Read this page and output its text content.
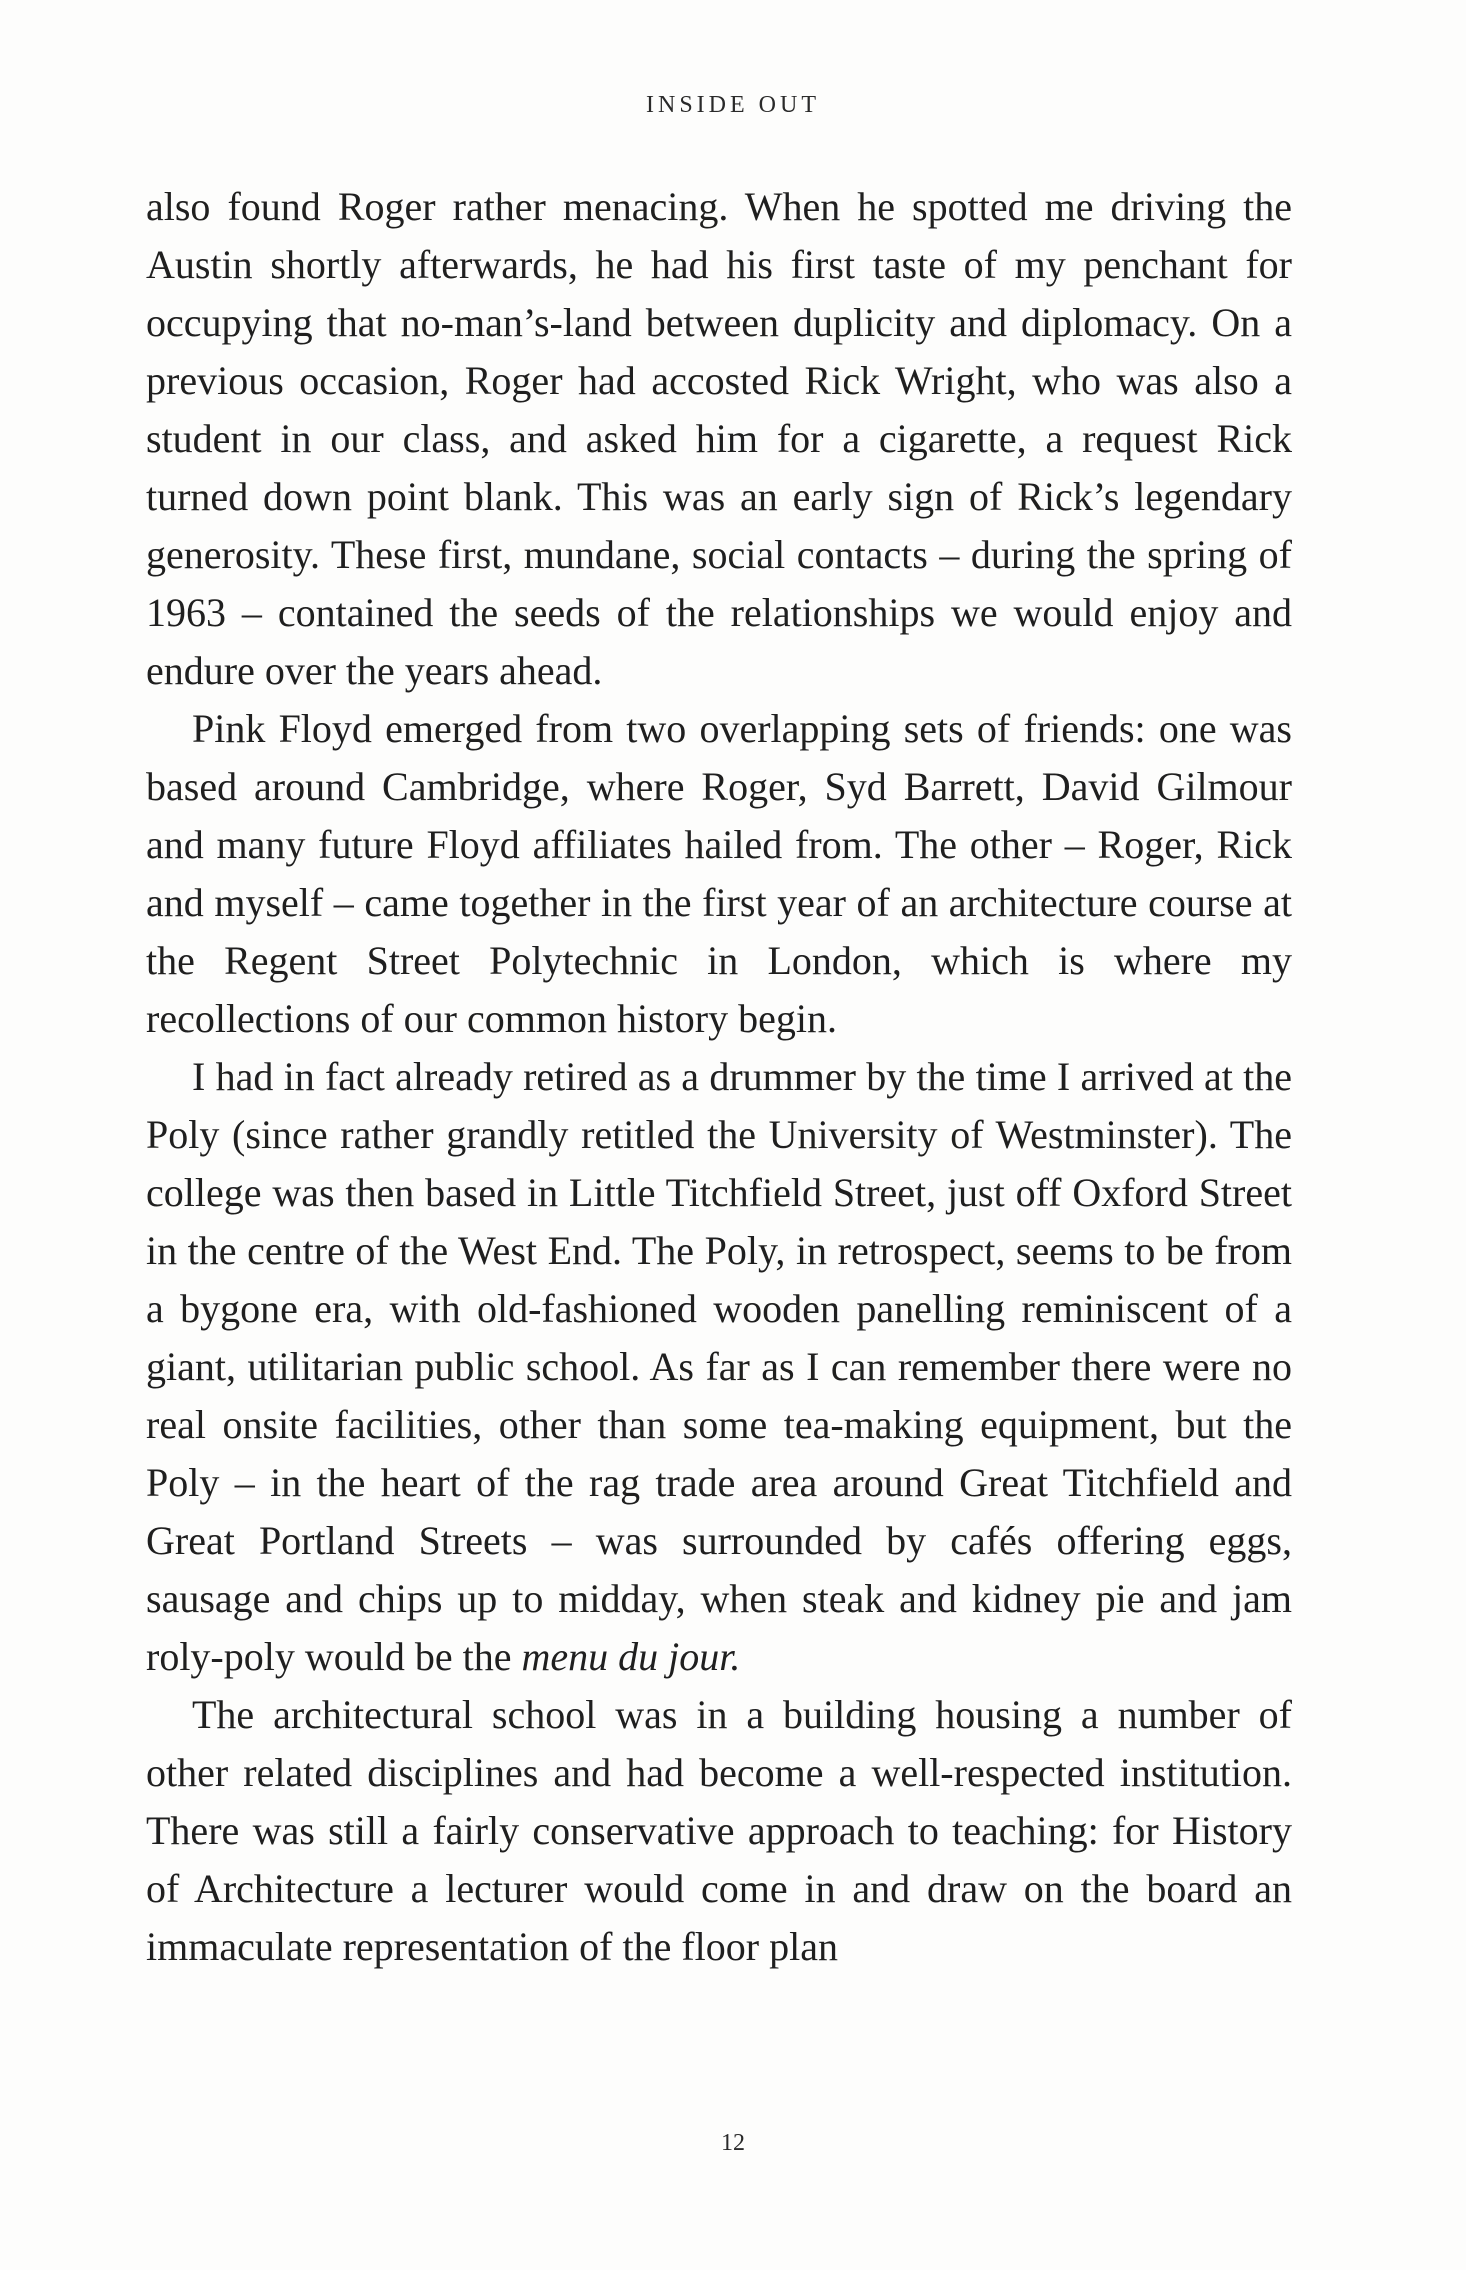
INSIDE OUT

also found Roger rather menacing. When he spotted me driving the Austin shortly afterwards, he had his first taste of my penchant for occupying that no-man’s-land between duplicity and diplomacy. On a previous occasion, Roger had accosted Rick Wright, who was also a student in our class, and asked him for a cigarette, a request Rick turned down point blank. This was an early sign of Rick’s legendary generosity. These first, mundane, social contacts – during the spring of 1963 – contained the seeds of the relationships we would enjoy and endure over the years ahead.

Pink Floyd emerged from two overlapping sets of friends: one was based around Cambridge, where Roger, Syd Barrett, David Gilmour and many future Floyd affiliates hailed from. The other – Roger, Rick and myself – came together in the first year of an architecture course at the Regent Street Polytechnic in London, which is where my recollections of our common history begin.

I had in fact already retired as a drummer by the time I arrived at the Poly (since rather grandly retitled the University of Westminster). The college was then based in Little Titchfield Street, just off Oxford Street in the centre of the West End. The Poly, in retrospect, seems to be from a bygone era, with old-fashioned wooden panelling reminiscent of a giant, utilitarian public school. As far as I can remember there were no real onsite facilities, other than some tea-making equipment, but the Poly – in the heart of the rag trade area around Great Titchfield and Great Portland Streets – was surrounded by cafés offering eggs, sausage and chips up to midday, when steak and kidney pie and jam roly-poly would be the menu du jour.

The architectural school was in a building housing a number of other related disciplines and had become a well-respected institution. There was still a fairly conservative approach to teaching: for History of Architecture a lecturer would come in and draw on the board an immaculate representation of the floor plan

12
